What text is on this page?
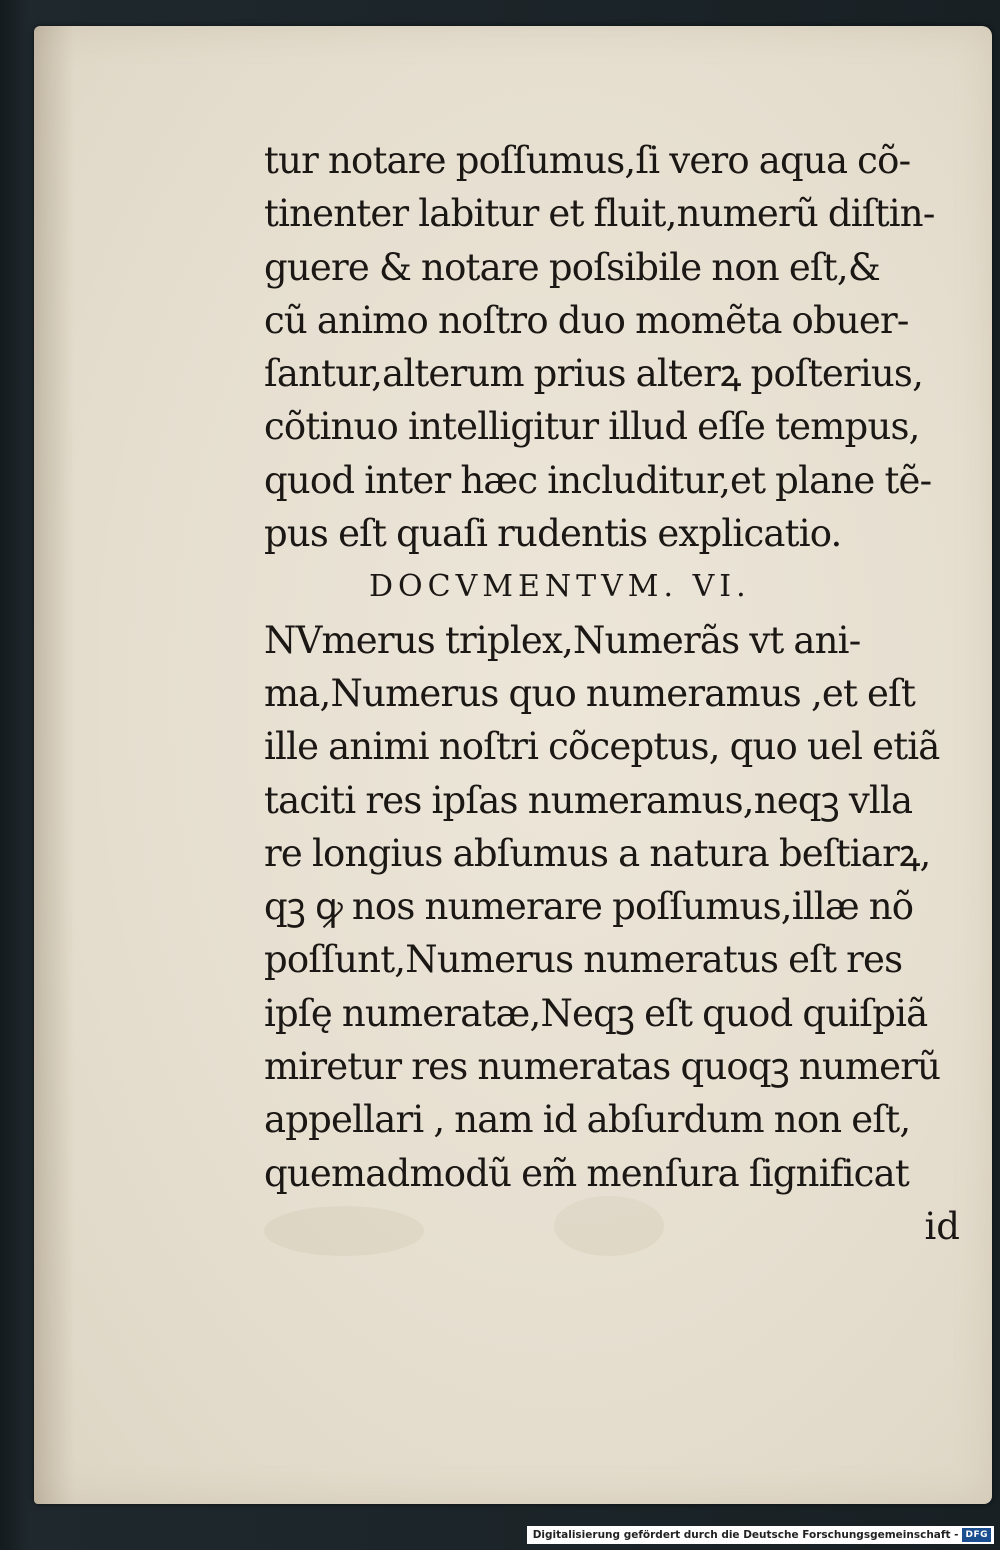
tur notare poſſumus,ſi vero aqua cõ-
tinenter labitur et fluit,numerũ diſtin-
guere & notare poſsibile non eſt,&
cũ animo noſtro duo momẽta obuer-
ſantur,alterum prius alterꝝ poſterius,
cõtinuo intelligitur illud eſſe tempus,
quod inter hæc includitur,et plane tẽ-
pus eſt quaſi rudentis explicatio.
DOCVMENTVM. VI.
NVmerus triplex,Numerãs vt ani-
ma,Numerus quo numeramus ,et eſt
ille animi noſtri cõceptus, quo uel etiã
taciti res ipſas numeramus,neqꝫ vlla
re longius abſumus a natura beſtiarꝝ,
qꝫ ꝙ nos numerare poſſumus,illæ nõ
poſſunt,Numerus numeratus eſt res
ipſę numeratæ,Neqꝫ eſt quod quiſpiã
miretur res numeratas quoqꝫ numerũ
appellari , nam id abſurdum non eſt,
quemadmodũ em̃ menſura ſignificat
id
Digitalisierung gefördert durch die Deutsche Forschungsgemeinschaft - DFG
